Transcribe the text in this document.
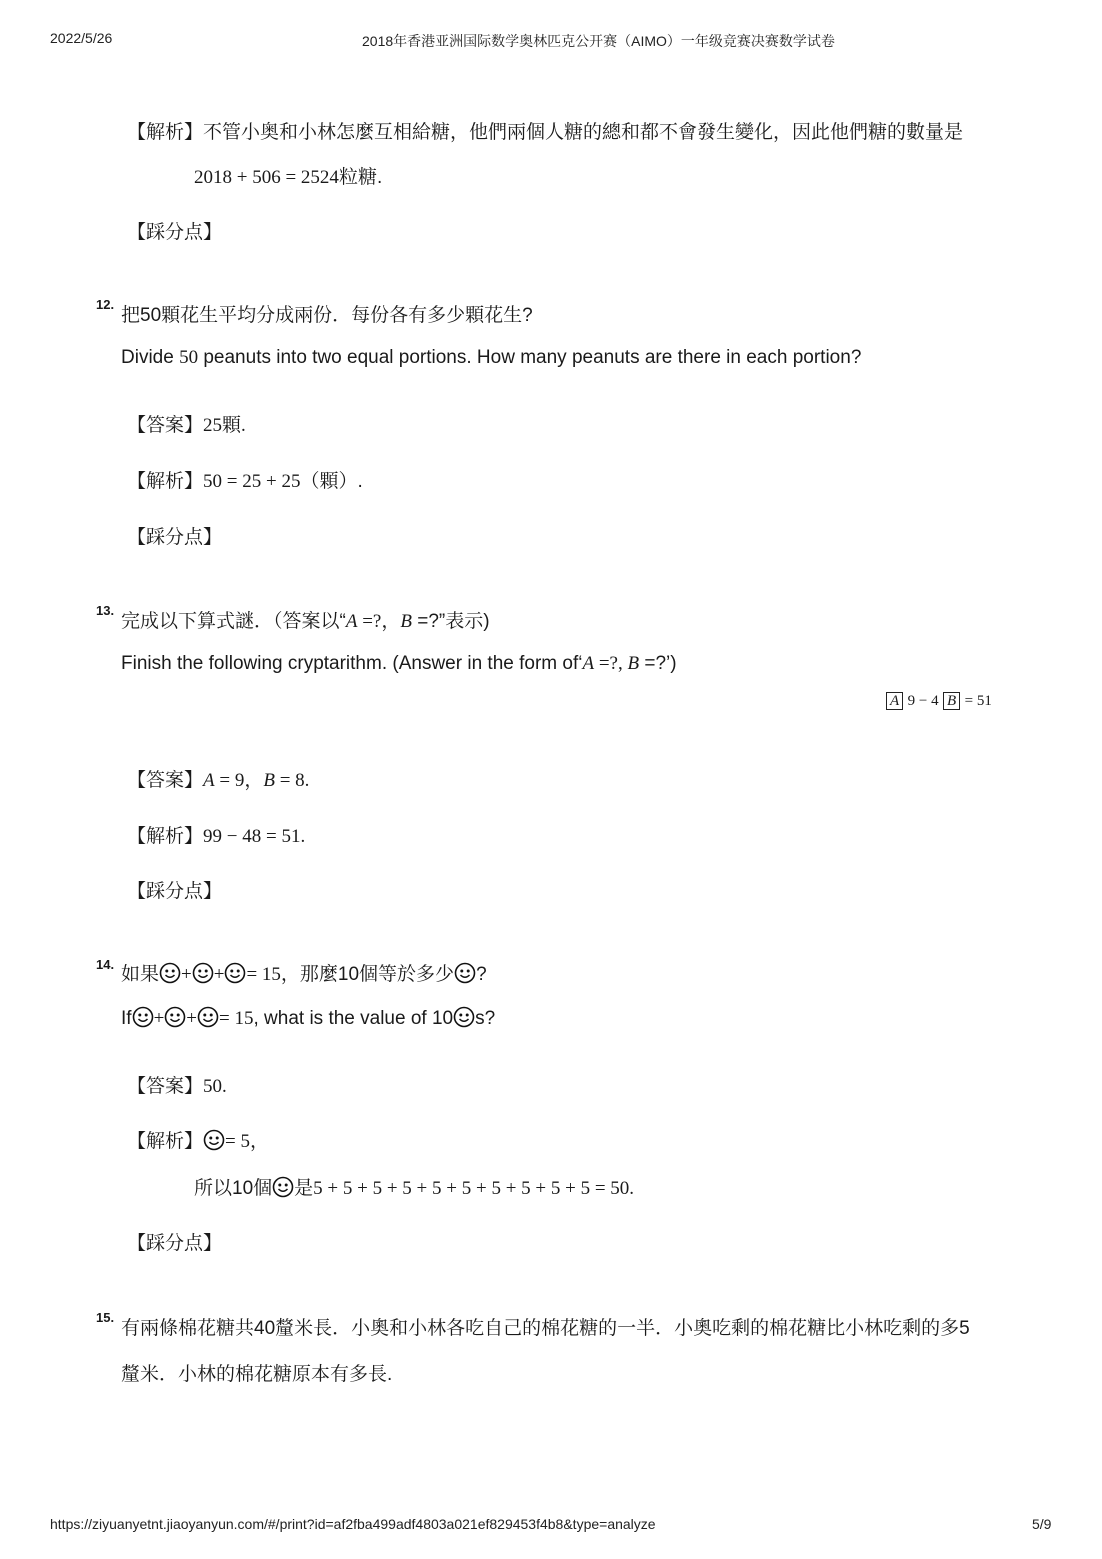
2022/5/26	2018年香港亚洲国际数学奥林匹克公开赛（AIMO）一年级竞赛决赛数学试卷
【解析】不管小奥和小林怎麼互相給糖，他們兩個人糖的總和都不會發生變化，因此他們糖的數量是
2018 + 506 = 2524粒糖.
【踩分点】
12.
把50顆花生平均分成兩份．每份各有多少顆花生?
Divide 50 peanuts into two equal portions. How many peanuts are there in each portion?
【答案】25顆.
【解析】50 = 25 + 25（顆）.
【踩分点】
13.
完成以下算式謎．（答案以“A =?，B =?”表示)
Finish the following cryptarithm. (Answer in the form of‘A =?, B =?’)
A 9 − 4 B = 51
【答案】A = 9，B = 8.
【解析】99 − 48 = 51.
【踩分点】
14. 如果 + + = 15，那麼10個等於多少 ?
If + + = 15, what is the value of 10 s?
【答案】50.
【解析】 = 5，
所以10個 是5 + 5 + 5 + 5 + 5 + 5 + 5 + 5 + 5 + 5 = 50.
【踩分点】
15.
有兩條棉花糖共40釐米長．小奧和小林各吃自己的棉花糖的一半．小奧吃剩的棉花糖比小林吃剩的多5
釐米．小林的棉花糖原本有多長.
https://ziyuanyetnt.jiaoyanyun.com/#/print?id=af2fba499adf4803a021ef829453f4b8&type=analyze	5/9
